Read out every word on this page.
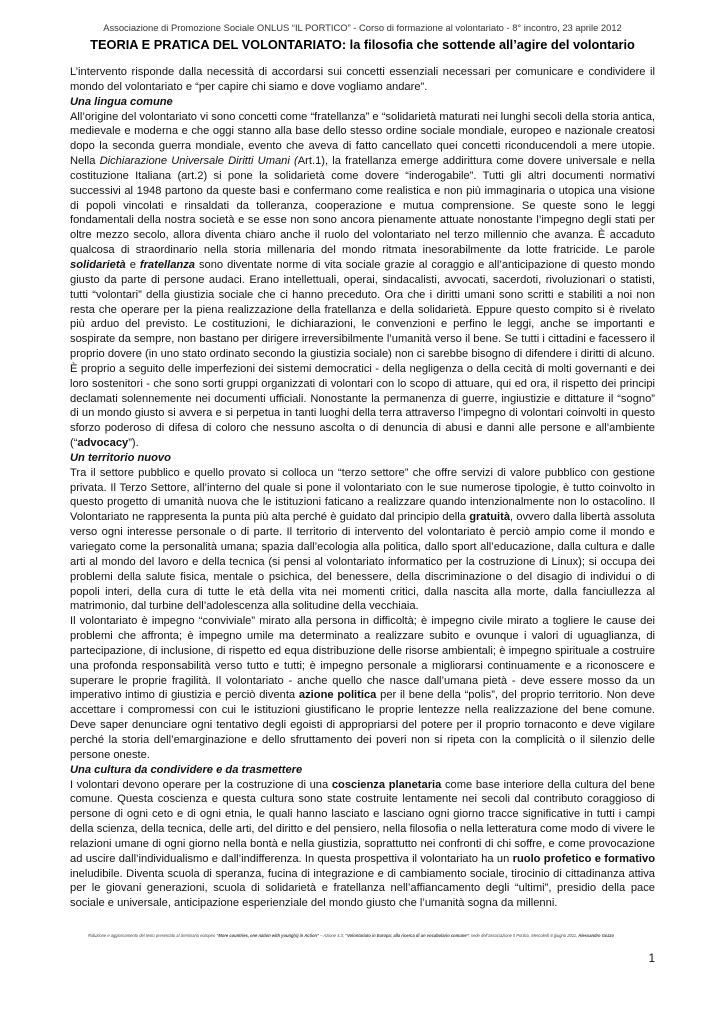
Associazione di Promozione Sociale ONLUS “IL PORTICO” - Corso di formazione al volontariato - 8° incontro, 23 aprile 2012
TEORIA E PRATICA DEL VOLONTARIATO: la filosofia che sottende all’agire del volontario

L’intervento risponde dalla necessità di accordarsi sui concetti essenziali necessari per comunicare e condividere il mondo del volontariato e “per capire chi siamo e dove vogliamo andare”.

Una lingua comune

All’origine del volontariato vi sono concetti come “fratellanza” e “solidarietà maturati nei lunghi secoli della storia antica, medievale e moderna e che oggi stanno alla base dello stesso ordine sociale mondiale, europeo e nazionale creatosi dopo la seconda guerra mondiale, evento che aveva di fatto cancellato quei concetti riconducendoli a mere utopie. Nella Dichiarazione Universale Diritti Umani (Art.1), la fratellanza emerge addirittura come dovere universale e nella costituzione Italiana (art.2) si pone la solidarietà come dovere “inderogabile”. Tutti gli altri documenti normativi successivi al 1948 partono da queste basi e confermano come realistica e non più immaginaria o utopica una visione di popoli vincolati e rinsaldati da tolleranza, cooperazione e mutua comprensione. Se queste sono le leggi fondamentali della nostra società e se esse non sono ancora pienamente attuate nonostante l’impegno degli stati per oltre mezzo secolo, allora diventa chiaro anche il ruolo del volontariato nel terzo millennio che avanza. È accaduto qualcosa di straordinario nella storia millenaria del mondo ritmata inesorabilmente da lotte fratricide. Le parole solidarietà e fratellanza sono diventate norme di vita sociale grazie al coraggio e all’anticipazione di questo mondo giusto da parte di persone audaci. Erano intellettuali, operai, sindacalisti, avvocati, sacerdoti, rivoluzionari o statisti, tutti “volontari” della giustizia sociale che ci hanno preceduto. Ora che i diritti umani sono scritti e stabiliti a noi non resta che operare per la piena realizzazione della fratellanza e della solidarietà. Eppure questo compito si è rivelato più arduo del previsto. Le costituzioni, le dichiarazioni, le convenzioni e perfino le leggi, anche se importanti e sospirate da sempre, non bastano per dirigere irreversibilmente l’umanità verso il bene. Se tutti i cittadini e facessero il proprio dovere (in uno stato ordinato secondo la giustizia sociale) non ci sarebbe bisogno di difendere i diritti di alcuno. È proprio a seguito delle imperfezioni dei sistemi democratici - della negligenza o della cecità di molti governanti e dei loro sostenitori - che sono sorti gruppi organizzati di volontari con lo scopo di attuare, qui ed ora, il rispetto dei principi declamati solennemente nei documenti ufficiali. Nonostante la permanenza di guerre, ingiustizie e dittature il “sogno” di un mondo giusto si avvera e si perpetua in tanti luoghi della terra attraverso l’impegno di volontari coinvolti in questo sforzo poderoso di difesa di coloro che nessuno ascolta o di denuncia di abusi e danni alle persone e all’ambiente (“advocacy”).

Un territorio nuovo

Tra il settore pubblico e quello provato si colloca un “terzo settore” che offre servizi di valore pubblico con gestione privata. Il Terzo Settore, all’interno del quale si pone il volontariato con le sue numerose tipologie, è tutto coinvolto in questo progetto di umanità nuova che le istituzioni faticano a realizzare quando intenzionalmente non lo ostacolino. Il Volontariato ne rappresenta la punta più alta perché è guidato dal principio della gratuità, ovvero dalla libertà assoluta verso ogni interesse personale o di parte. Il territorio di intervento del volontariato è perciò ampio come il mondo e variegato come la personalità umana; spazia dall’ecologia alla politica, dallo sport all’educazione, dalla cultura e dalle arti al mondo del lavoro e della tecnica (si pensi al volontariato informatico per la costruzione di Linux); si occupa dei problemi della salute fisica, mentale o psichica, del benessere, della discriminazione o del disagio di individui o di popoli interi, della cura di tutte le età della vita nei momenti critici, dalla nascita alla morte, dalla fanciullezza al matrimonio, dal turbine dell’adolescenza alla solitudine della vecchiaia.

Il volontariato è impegno “conviviale” mirato alla persona in difficoltà; è impegno civile mirato a togliere le cause dei problemi che affronta; è impegno umile ma determinato a realizzare subito e ovunque i valori di uguaglianza, di partecipazione, di inclusione, di rispetto ed equa distribuzione delle risorse ambientali; è impegno spirituale a costruire una profonda responsabilità verso tutto e tutti; è impegno personale a migliorarsi continuamente e a riconoscere e superare le proprie fragilità. Il volontariato - anche quello che nasce dall’umana pietà - deve essere mosso da un imperativo intimo di giustizia e perciò diventa azione politica per il bene della “polis”, del proprio territorio. Non deve accettare i compromessi con cui le istituzioni giustificano le proprie lentezze nella realizzazione del bene comune. Deve saper denunciare ogni tentativo degli egoisti di appropriarsi del potere per il proprio tornaconto e deve vigilare perché la storia dell’emarginazione e dello sfruttamento dei poveri non si ripeta con la complicità o il silenzio delle persone oneste.

Una cultura da condividere e da trasmettere

I volontari devono operare per la costruzione di una coscienza planetaria come base interiore della cultura del bene comune. Questa coscienza e questa cultura sono state costruite lentamente nei secoli dal contributo coraggioso di persone di ogni ceto e di ogni etnia, le quali hanno lasciato e lasciano ogni giorno tracce significative in tutti i campi della scienza, della tecnica, delle arti, del diritto e del pensiero, nella filosofia o nella letteratura come modo di vivere le relazioni umane di ogni giorno nella bontà e nella giustizia, soprattutto nei confronti di chi soffre, e come provocazione ad uscire dall’individualismo e dall’indifferenza. In questa prospettiva il volontariato ha un ruolo profetico e formativo ineludibile. Diventa scuola di speranza, fucina di integrazione e di cambiamento sociale, tirocinio di cittadinanza attiva per le giovani generazioni, scuola di solidarietà e fratellanza nell’affiancamento degli “ultimi”, presidio della pace sociale e universale, anticipazione esperienziale del mondo giusto che l’umanità sogna da millenni.

Riduzione e aggiornamento del testo presentato al Seminario europeo “More countries, one nation with young(s) in Action” – Azione 4.3; “Volontariato in Europa: alla ricerca di un vocabolario comune”; sede dell’associazione Il Portico, Mercoledì 8 giugno 2011, Alessandro Gozzo
1
